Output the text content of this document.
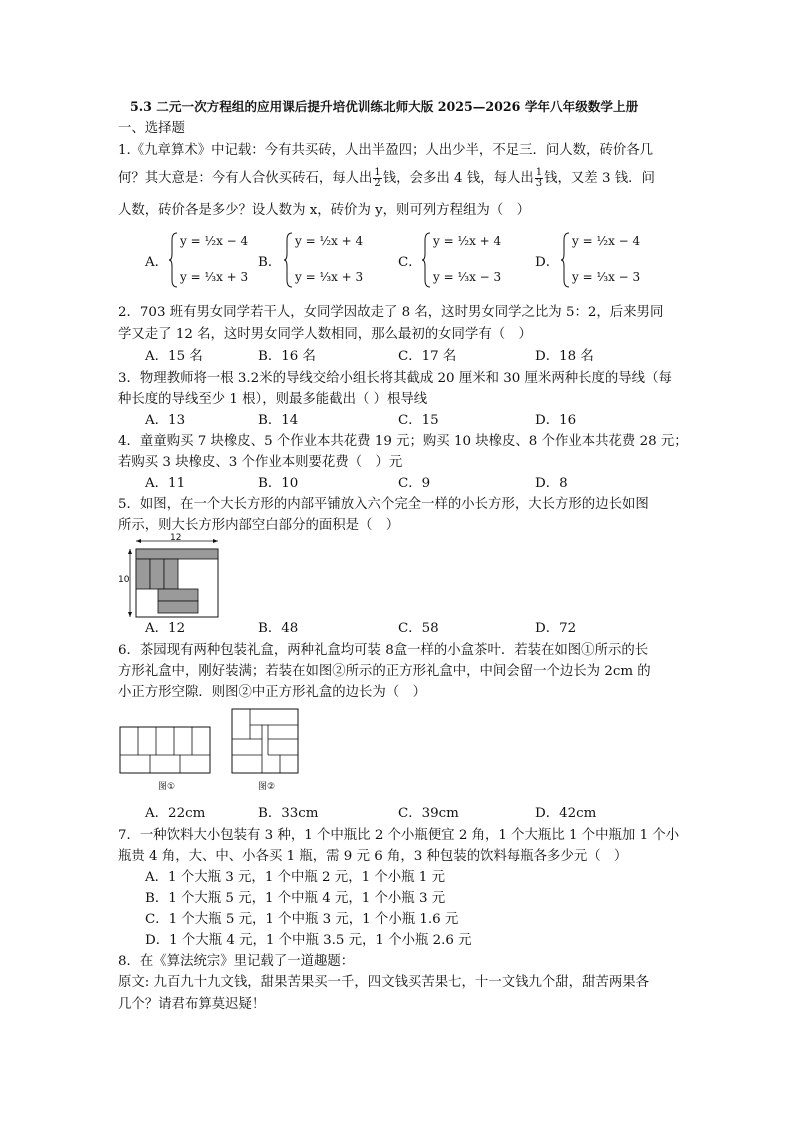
5.3 二元一次方程组的应用课后提升培优训练北师大版 2025—2026 学年八年级数学上册
一、选择题
1.《九章算术》中记载：今有共买砖，人出半盈四；人出少半，不足三．问人数，砖价各几
何？其大意是：今有人合伙买砖石，每人出 $\frac{1}{2}$ 钱，会多出 4 钱，每人出 $\frac{1}{3}$ 钱，又差 3 钱．问
人数，砖价各是多少？设人数为 x，砖价为 y，则可列方程组为（　）
A．
y = ½x − 4
y = ⅓x + 3
B．
y = ½x + 4
y = ⅓x + 3
C．
y = ½x + 4
y = ⅓x − 3
D．
y = ½x − 4
y = ⅓x − 3
2．703 班有男女同学若干人，女同学因故走了 8 名，这时男女同学之比为 5：2，后来男同
学又走了 12 名，这时男女同学人数相同，那么最初的女同学有（　）
A．15 名	B．16 名	C．17 名	D．18 名
3．物理教师将一根 3.2米的导线交给小组长将其截成 20 厘米和 30 厘米两种长度的导线（每
种长度的导线至少 1 根），则最多能截出（ ）根导线
A．13	B．14	C．15	D．16
4．童童购买 7 块橡皮、5 个作业本共花费 19 元；购买 10 块橡皮、8 个作业本共花费 28 元；
若购买 3 块橡皮、3 个作业本则要花费（　）元
A．11	B．10	C．9	D．8
5．如图，在一个大长方形的内部平铺放入六个完全一样的小长方形，大长方形的边长如图
所示，则大长方形内部空白部分的面积是（　）
12
10
A．12	B．48	C．58	D．72
6．茶园现有两种包装礼盒，两种礼盒均可装 8盒一样的小盒茶叶．若装在如图①所示的长
方形礼盒中，刚好装满；若装在如图②所示的正方形礼盒中，中间会留一个边长为 2cm 的
小正方形空隙．则图②中正方形礼盒的边长为（　）
图①	图②
A．22cm	B．33cm	C．39cm	D．42cm
7．一种饮料大小包装有 3 种，1 个中瓶比 2 个小瓶便宜 2 角，1 个大瓶比 1 个中瓶加 1 个小
瓶贵 4 角，大、中、小各买 1 瓶，需 9 元 6 角，3 种包装的饮料每瓶各多少元（　）
A．1 个大瓶 3 元，1 个中瓶 2 元，1 个小瓶 1 元
B．1 个大瓶 5 元，1 个中瓶 4 元，1 个小瓶 3 元
C．1 个大瓶 5 元，1 个中瓶 3 元，1 个小瓶 1.6 元
D．1 个大瓶 4 元，1 个中瓶 3.5 元，1 个小瓶 2.6 元
8．在《算法统宗》里记载了一道趣题：
原文: 九百九十九文钱，甜果苦果买一千，四文钱买苦果七，十一文钱九个甜，甜苦两果各
几个？请君布算莫迟疑！
